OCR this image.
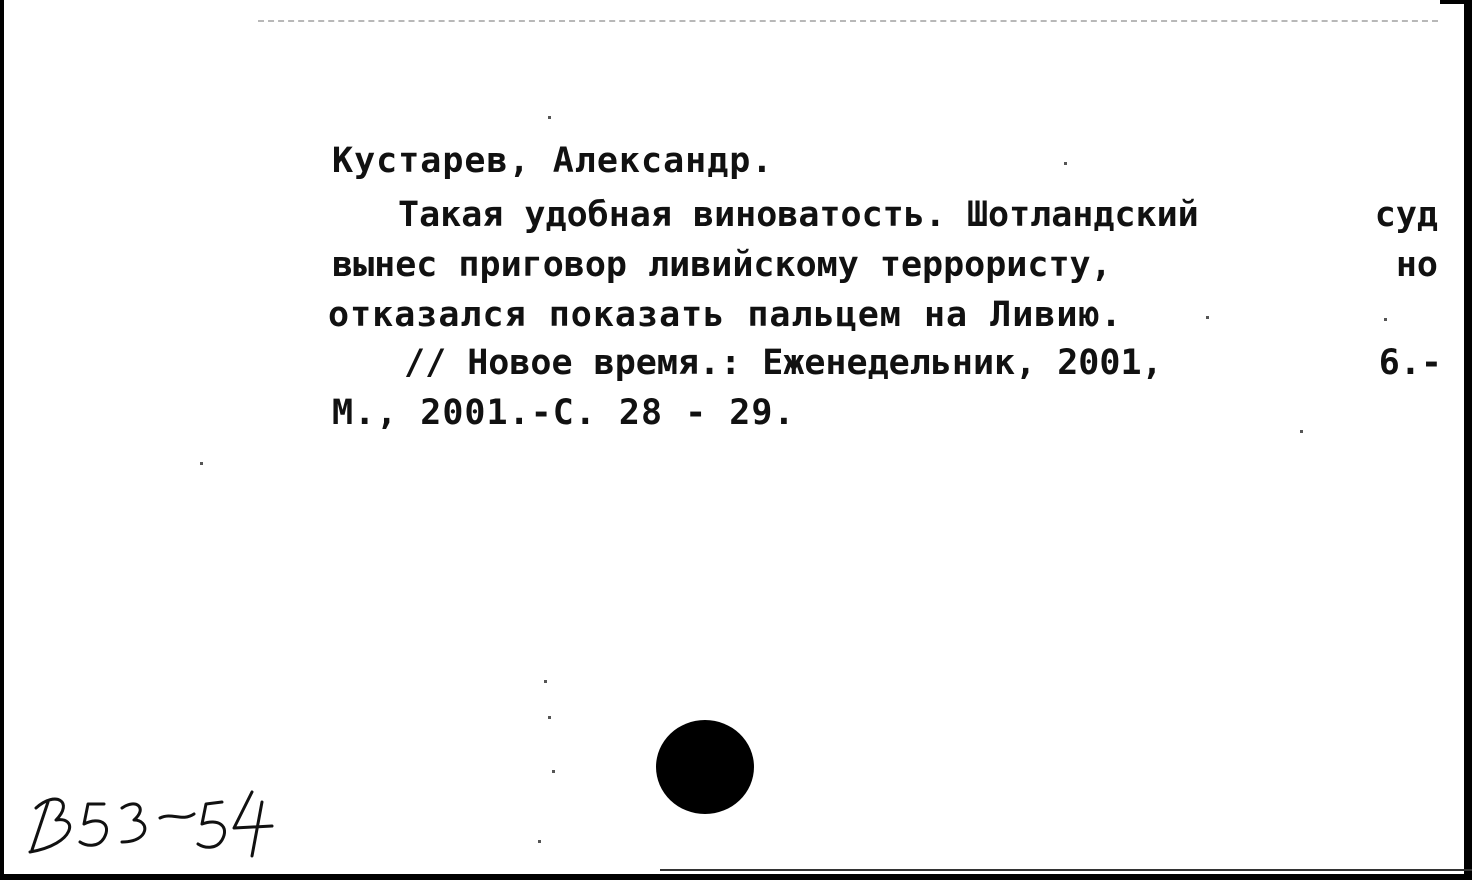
Кустарев, Александр.
Такая удобная виноватость. Шотландский	суд
вынес приговор ливийскому террористу,	но
отказался показать пальцем на Ливию.
// Новое время.: Еженедельник, 2001,	6.-
М., 2001.-С. 28 - 29.
